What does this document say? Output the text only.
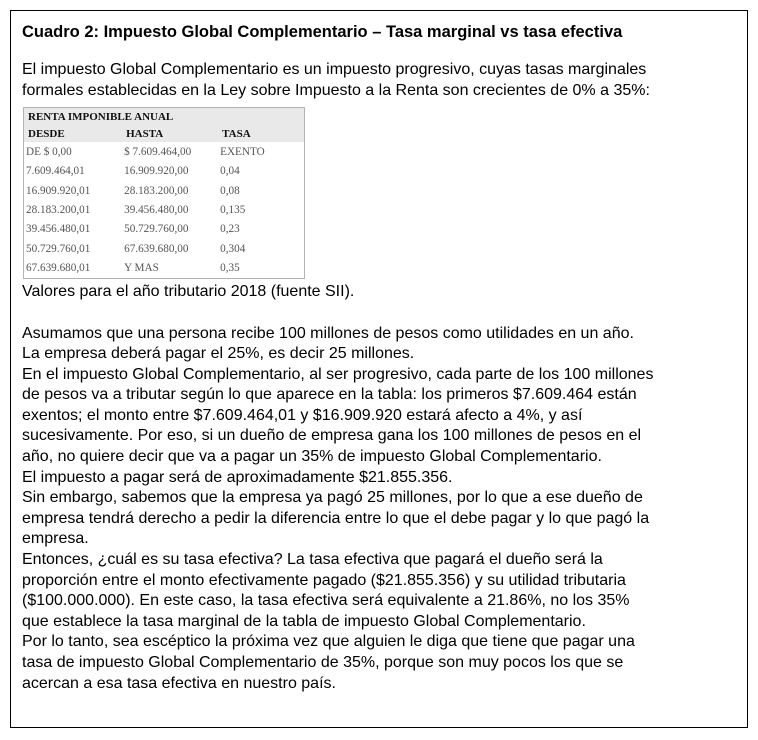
Cuadro 2: Impuesto Global Complementario – Tasa marginal vs tasa efectiva
El impuesto Global Complementario es un impuesto progresivo, cuyas tasas marginales
formales establecidas en la Ley sobre Impuesto a la Renta son crecientes de 0% a 35%:
RENTA IMPONIBLE ANUAL		
DESDE	HASTA	TASA
DE $ 0,00	$ 7.609.464,00	EXENTO
7.609.464,01	16.909.920,00	0,04
16.909.920,01	28.183.200,00	0,08
28.183.200,01	39.456.480,00	0,135
39.456.480,01	50.729.760,00	0,23
50.729.760,01	67.639.680,00	0,304
67.639.680,01	Y MAS	0,35
Valores para el año tributario 2018 (fuente SII).
Asumamos que una persona recibe 100 millones de pesos como utilidades en un año.
La empresa deberá pagar el 25%, es decir 25 millones.
En el impuesto Global Complementario, al ser progresivo, cada parte de los 100 millones
de pesos va a tributar según lo que aparece en la tabla: los primeros $7.609.464 están
exentos; el monto entre $7.609.464,01 y $16.909.920 estará afecto a 4%, y así
sucesivamente. Por eso, si un dueño de empresa gana los 100 millones de pesos en el
año, no quiere decir que va a pagar un 35% de impuesto Global Complementario.
El impuesto a pagar será de aproximadamente $21.855.356.
Sin embargo, sabemos que la empresa ya pagó 25 millones, por lo que a ese dueño de
empresa tendrá derecho a pedir la diferencia entre lo que el debe pagar y lo que pagó la
empresa.
Entonces, ¿cuál es su tasa efectiva? La tasa efectiva que pagará el dueño será la
proporción entre el monto efectivamente pagado ($21.855.356) y su utilidad tributaria
($100.000.000). En este caso, la tasa efectiva será equivalente a 21.86%, no los 35%
que establece la tasa marginal de la tabla de impuesto Global Complementario.
Por lo tanto, sea escéptico la próxima vez que alguien le diga que tiene que pagar una
tasa de impuesto Global Complementario de 35%, porque son muy pocos los que se
acercan a esa tasa efectiva en nuestro país.
